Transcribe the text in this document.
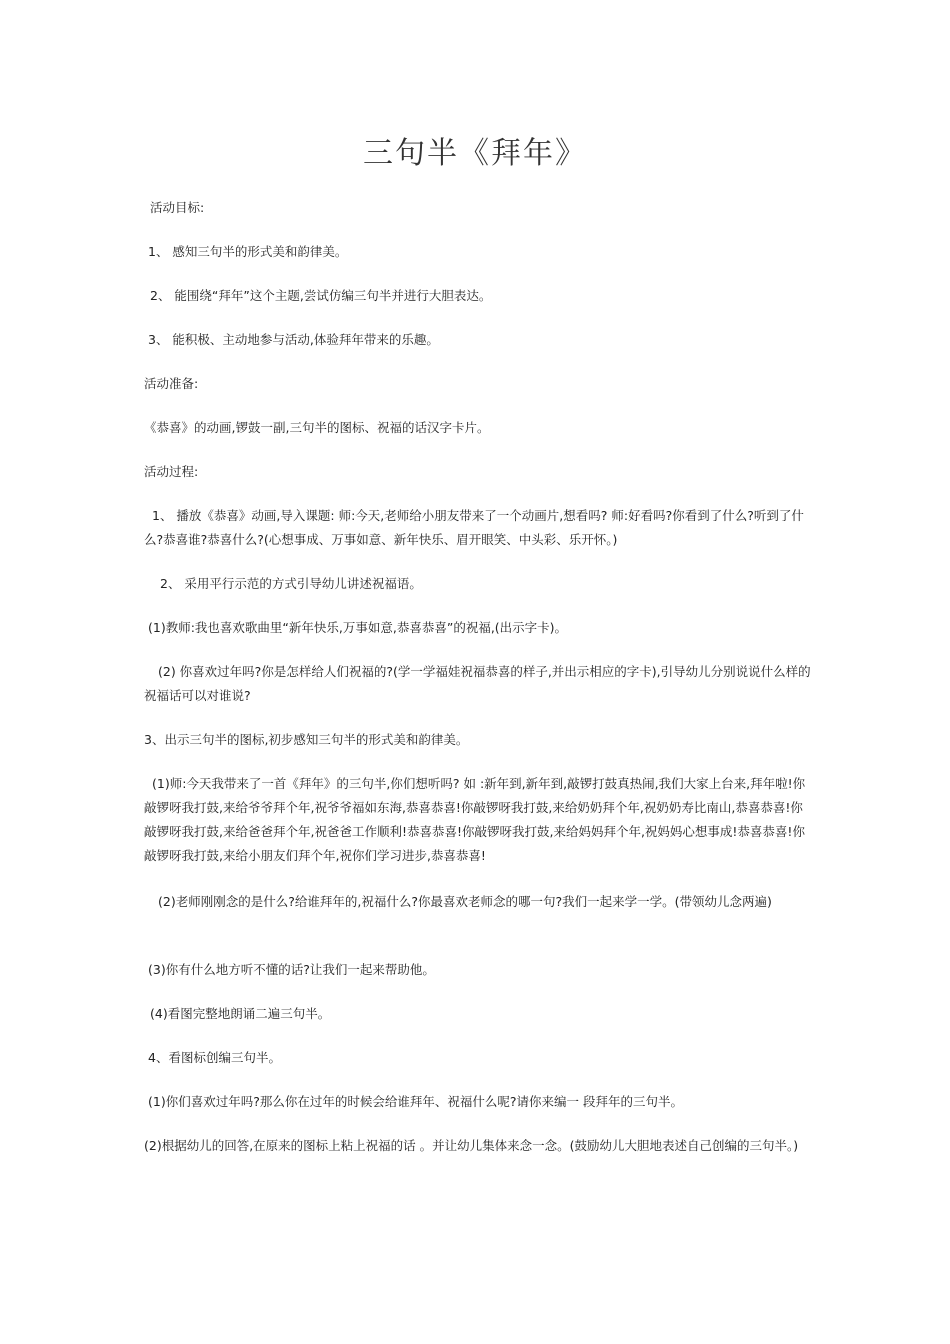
三句半《拜年》
活动目标:
1、 感知三句半的形式美和韵律美。
2、 能围绕“拜年”这个主题,尝试仿编三句半并进行大胆表达。
3、 能积极、主动地参与活动,体验拜年带来的乐趣。
活动准备:
《恭喜》的动画,锣鼓一副,三句半的图标、祝福的话汉字卡片。
活动过程:
1、 播放《恭喜》动画,导入课题: 师:今天,老师给小朋友带来了一个动画片,想看吗? 师:好看吗?你看到了什么?听到了什么?恭喜谁?恭喜什么?(心想事成、万事如意、新年快乐、眉开眼笑、中头彩、乐开怀。)
2、 采用平行示范的方式引导幼儿讲述祝福语。
(1)教师:我也喜欢歌曲里“新年快乐,万事如意,恭喜恭喜”的祝福,(出示字卡)。
(2) 你喜欢过年吗?你是怎样给人们祝福的?(学一学福娃祝福恭喜的样子,并出示相应的字卡),引导幼儿分别说说什么样的祝福话可以对谁说?
3、出示三句半的图标,初步感知三句半的形式美和韵律美。
(1)师:今天我带来了一首《拜年》的三句半,你们想听吗? 如 :新年到,新年到,敲锣打鼓真热闹,我们大家上台来,拜年啦!你敲锣呀我打鼓,来给爷爷拜个年,祝爷爷福如东海,恭喜恭喜!你敲锣呀我打鼓,来给奶奶拜个年,祝奶奶寿比南山,恭喜恭喜!你敲锣呀我打鼓,来给爸爸拜个年,祝爸爸工作顺利!恭喜恭喜!你敲锣呀我打鼓,来给妈妈拜个年,祝妈妈心想事成!恭喜恭喜!你敲锣呀我打鼓,来给小朋友们拜个年,祝你们学习进步,恭喜恭喜!
(2)老师刚刚念的是什么?给谁拜年的,祝福什么?你最喜欢老师念的哪一句?我们一起来学一学。(带领幼儿念两遍)
(3)你有什么地方听不懂的话?让我们一起来帮助他。
(4)看图完整地朗诵二遍三句半。
4、看图标创编三句半。
(1)你们喜欢过年吗?那么你在过年的时候会给谁拜年、祝福什么呢?请你来编一 段拜年的三句半。
(2)根据幼儿的回答,在原来的图标上粘上祝福的话 。并让幼儿集体来念一念。(鼓励幼儿大胆地表述自己创编的三句半。)
